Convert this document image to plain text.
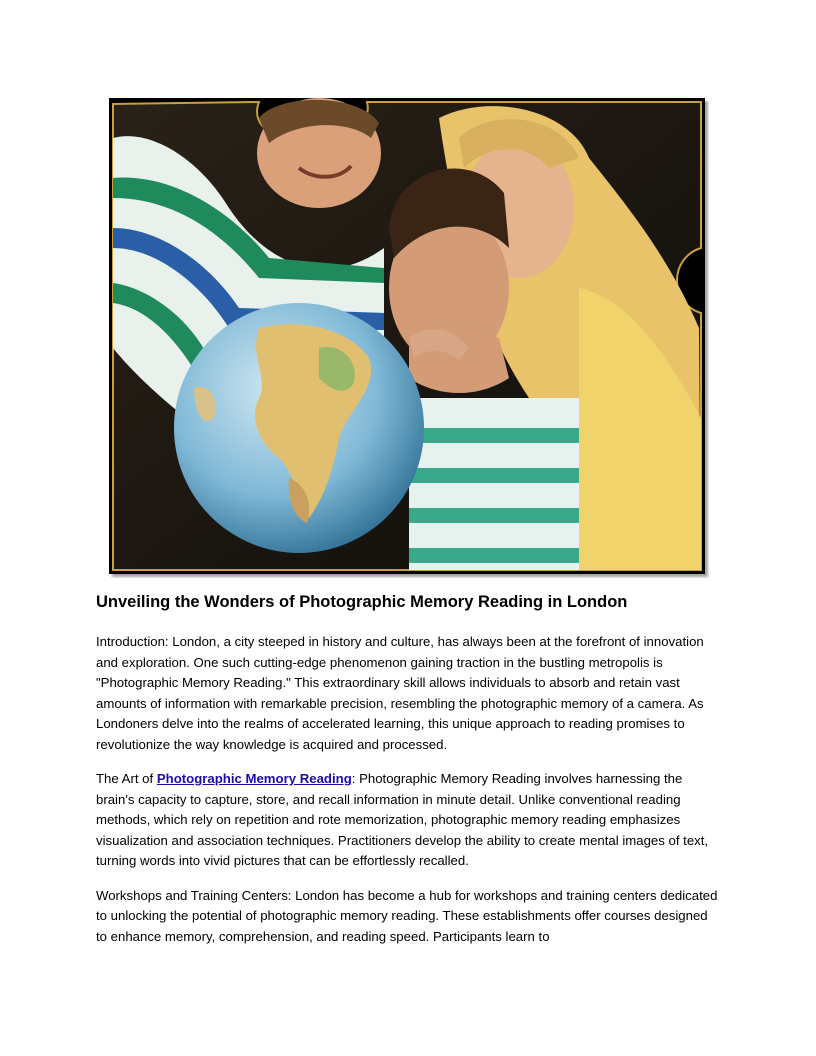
Unveiling the Wonders of Photographic Memory Reading in London

Introduction: London, a city steeped in history and culture, has always been at the forefront of innovation and exploration. One such cutting-edge phenomenon gaining traction in the bustling metropolis is "Photographic Memory Reading." This extraordinary skill allows individuals to absorb and retain vast amounts of information with remarkable precision, resembling the photographic memory of a camera. As Londoners delve into the realms of accelerated learning, this unique approach to reading promises to revolutionize the way knowledge is acquired and processed.

The Art of Photographic Memory Reading: Photographic Memory Reading involves harnessing the brain's capacity to capture, store, and recall information in minute detail. Unlike conventional reading methods, which rely on repetition and rote memorization, photographic memory reading emphasizes visualization and association techniques. Practitioners develop the ability to create mental images of text, turning words into vivid pictures that can be effortlessly recalled.

Workshops and Training Centers: London has become a hub for workshops and training centers dedicated to unlocking the potential of photographic memory reading. These establishments offer courses designed to enhance memory, comprehension, and reading speed. Participants learn to
